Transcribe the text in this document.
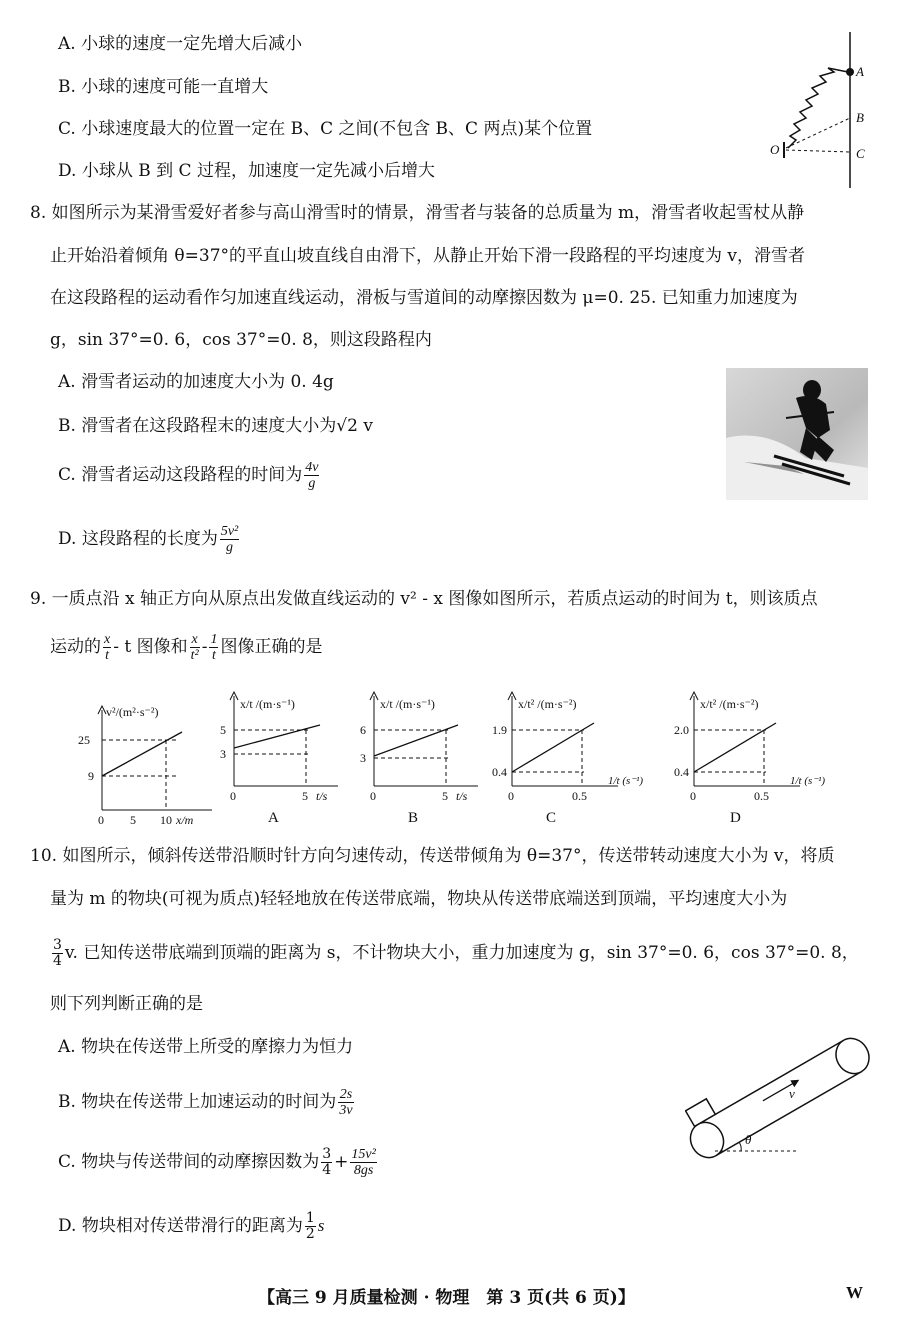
A. 小球的速度一定先增大后减小
B. 小球的速度可能一直增大
C. 小球速度最大的位置一定在 B、C 之间(不包含 B、C 两点)某个位置
D. 小球从 B 到 C 过程，加速度一定先减小后增大
A
B
C
O
8. 如图所示为某滑雪爱好者参与高山滑雪时的情景，滑雪者与装备的总质量为 m，滑雪者收起雪杖从静
止开始沿着倾角 θ=37°的平直山坡直线自由滑下，从静止开始下滑一段路程的平均速度为 v，滑雪者
在这段路程的运动看作匀加速直线运动，滑板与雪道间的动摩擦因数为 μ=0. 25. 已知重力加速度为
g，sin 37°=0. 6，cos 37°=0. 8，则这段路程内
A. 滑雪者运动的加速度大小为 0. 4g
B. 滑雪者在这段路程末的速度大小为√2 v
C. 滑雪者运动这段路程的时间为 $\frac{4v}{g}$
D. 这段路程的长度为 $\frac{\text{5v²}}{g}$
9. 一质点沿 x 轴正方向从原点出发做直线运动的 v² - x 图像如图所示，若质点运动的时间为 t，则该质点
运动的 $\frac{x}{t}$ - t 图像和 $\frac{x}{\text{t²}} - \frac{1}{t}$ 图像正确的是
v²/(m²·s⁻²)
25
9
0 5 10 x/m
x/t /(m·s⁻¹)
5
3
0	5 t/s
A
x/t /(m·s⁻¹)
6
3
0	5 t/s
B
x/t² /(m·s⁻²)
1.9
0.4
0	0.5
1/t (s⁻¹)
C
x/t² /(m·s⁻²)
2.0
0.4
0	0.5
1/t (s⁻¹)
D
10. 如图所示，倾斜传送带沿顺时针方向匀速传动，传送带倾角为 θ=37°，传送带转动速度大小为 v，将质
量为 m 的物块(可视为质点)轻轻地放在传送带底端，物块从传送带底端送到顶端，平均速度大小为
$\frac{3}{4} v$. 已知传送带底端到顶端的距离为 s，不计物块大小，重力加速度为 g，sin 37°=0. 6，cos 37°=0. 8，
则下列判断正确的是
A. 物块在传送带上所受的摩擦力为恒力
B. 物块在传送带上加速运动的时间为 $\frac{2s}{3v}$
C. 物块与传送带间的动摩擦因数为 $\frac{3}{4} + \frac{\text{15v²}}{8gs}$
D. 物块相对传送带滑行的距离为 $\frac{1}{2}$ s
v
θ
【高三 9 月质量检测 · 物理　第 3 页(共 6 页)】	W
